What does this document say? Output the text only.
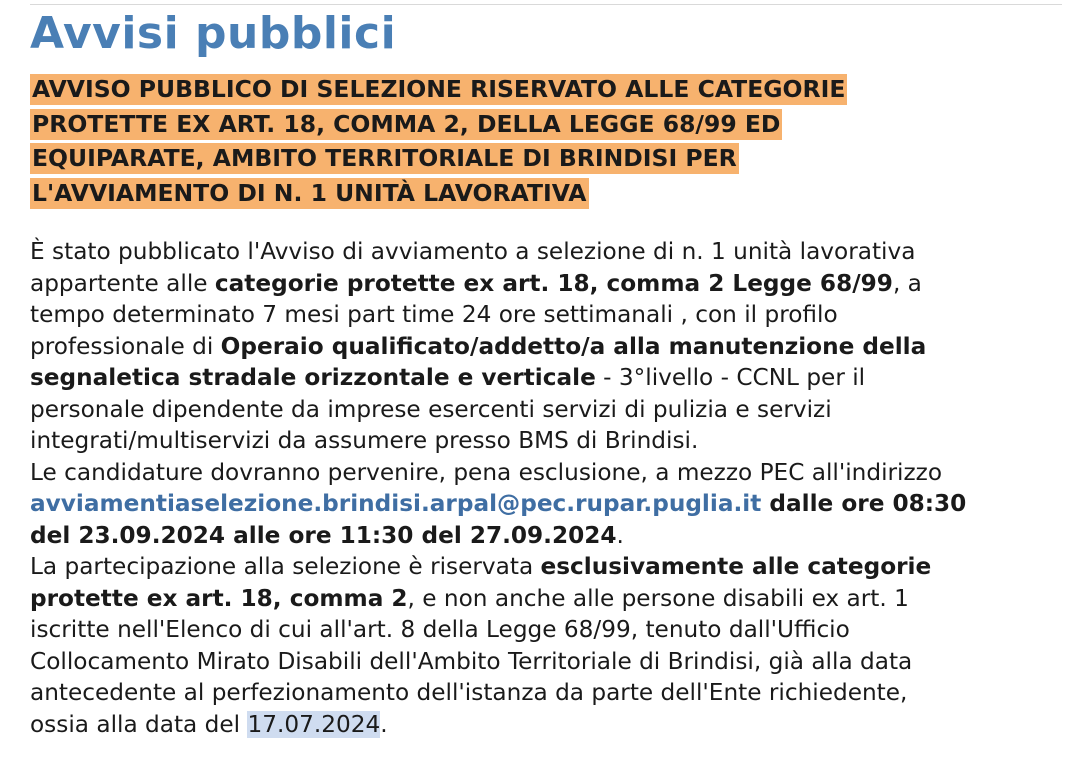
Avvisi pubblici
AVVISO PUBBLICO DI SELEZIONE RISERVATO ALLE CATEGORIE
PROTETTE EX ART. 18, COMMA 2, DELLA LEGGE 68/99 ED
EQUIPARATE, AMBITO TERRITORIALE DI BRINDISI PER
L'AVVIAMENTO DI N. 1 UNITÀ LAVORATIVA
È stato pubblicato l'Avviso di avviamento a selezione di n. 1 unità lavorativa
appartente alle categorie protette ex art. 18, comma 2 Legge 68/99, a
tempo determinato 7 mesi part time 24 ore settimanali , con il profilo
professionale di Operaio qualificato/addetto/a alla manutenzione della
segnaletica stradale orizzontale e verticale - 3°livello - CCNL per il
personale dipendente da imprese esercenti servizi di pulizia e servizi
integrati/multiservizi da assumere presso BMS di Brindisi.
Le candidature dovranno pervenire, pena esclusione, a mezzo PEC all'indirizzo
avviamentiaselezione.brindisi.arpal@pec.rupar.puglia.it dalle ore 08:30
del 23.09.2024 alle ore 11:30 del 27.09.2024.
La partecipazione alla selezione è riservata esclusivamente alle categorie
protette ex art. 18, comma 2, e non anche alle persone disabili ex art. 1
iscritte nell'Elenco di cui all'art. 8 della Legge 68/99, tenuto dall'Ufficio
Collocamento Mirato Disabili dell'Ambito Territoriale di Brindisi, già alla data
antecedente al perfezionamento dell'istanza da parte dell'Ente richiedente,
ossia alla data del 17.07.2024.
